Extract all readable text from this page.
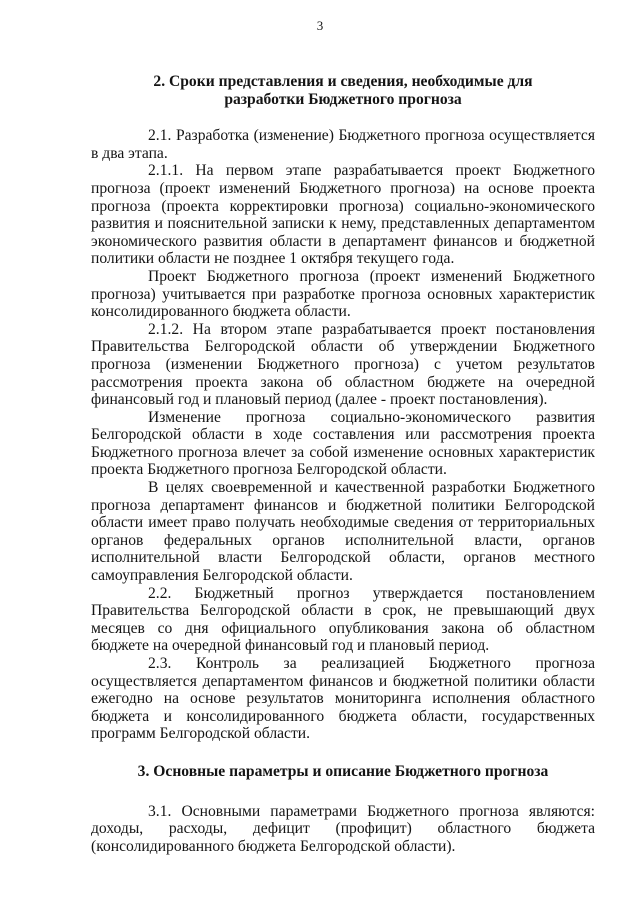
3
2. Сроки представления и сведения, необходимые для
разработки Бюджетного прогноза

2.1. Разработка (изменение) Бюджетного прогноза осуществляется в два этапа.

2.1.1. На первом этапе разрабатывается проект Бюджетного прогноза (проект изменений Бюджетного прогноза) на основе проекта прогноза (проекта корректировки прогноза) социально-экономического развития и пояснительной записки к нему, представленных департаментом экономического развития области в департамент финансов и бюджетной политики области не позднее 1 октября текущего года.

Проект Бюджетного прогноза (проект изменений Бюджетного прогноза) учитывается при разработке прогноза основных характеристик консолидированного бюджета области.

2.1.2. На втором этапе разрабатывается проект постановления Правительства Белгородской области об утверждении Бюджетного прогноза (изменении Бюджетного прогноза) с учетом результатов рассмотрения проекта закона об областном бюджете на очередной финансовый год и плановый период (далее - проект постановления).

Изменение прогноза социально-экономического развития Белгородской области в ходе составления или рассмотрения проекта Бюджетного прогноза влечет за собой изменение основных характеристик проекта Бюджетного прогноза Белгородской области.

В целях своевременной и качественной разработки Бюджетного прогноза департамент финансов и бюджетной политики Белгородской области имеет право получать необходимые сведения от территориальных органов федеральных органов исполнительной власти, органов исполнительной власти Белгородской области, органов местного самоуправления Белгородской области.

2.2. Бюджетный прогноз утверждается постановлением Правительства Белгородской области в срок, не превышающий двух месяцев со дня официального опубликования закона об областном бюджете на очередной финансовый год и плановый период.

2.3. Контроль за реализацией Бюджетного прогноза осуществляется департаментом финансов и бюджетной политики области ежегодно на основе результатов мониторинга исполнения областного бюджета и консолидированного бюджета области, государственных программ Белгородской области.

3. Основные параметры и описание Бюджетного прогноза

3.1. Основными параметрами Бюджетного прогноза являются: доходы, расходы, дефицит (профицит) областного бюджета (консолидированного бюджета Белгородской области).
